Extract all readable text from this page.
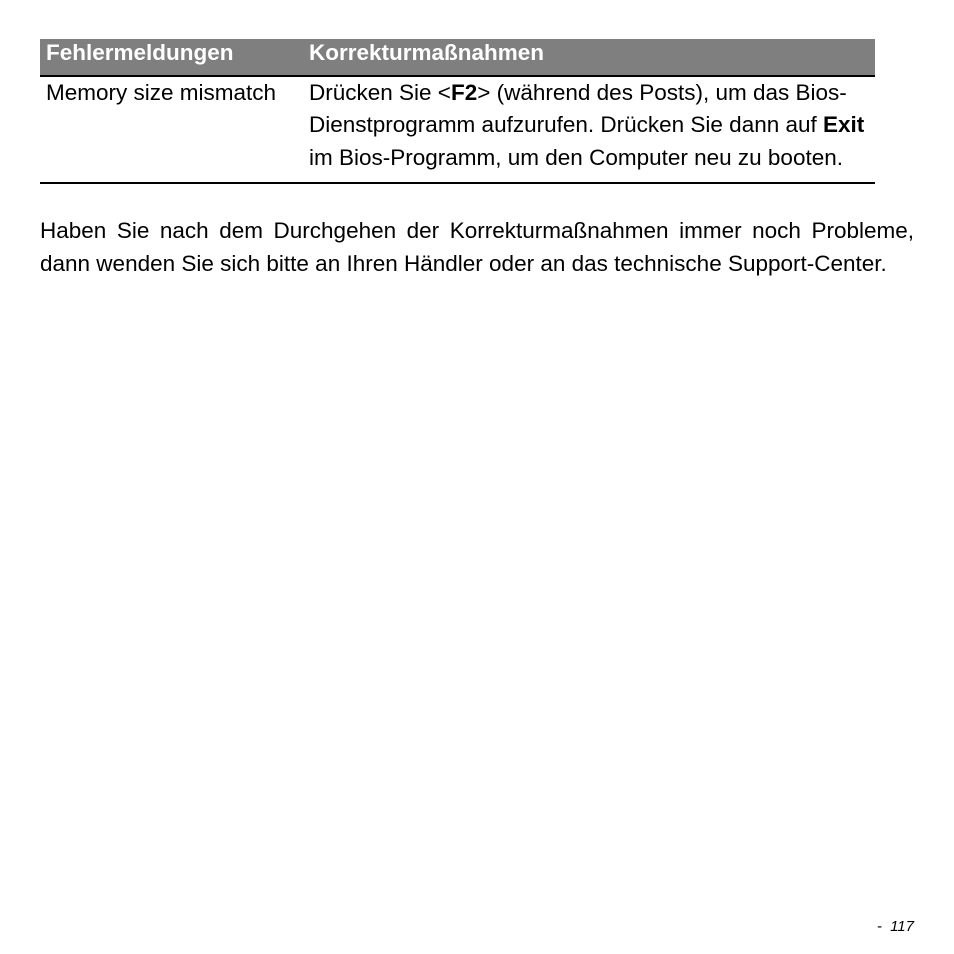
Fehlermeldungen	Korrekturmaßnahmen
Memory size mismatch	Drücken Sie <F2> (während des Posts), um das Bios-Dienstprogramm aufzurufen. Drücken Sie dann auf Exit im Bios-Programm, um den Computer neu zu booten.

Haben Sie nach dem Durchgehen der Korrekturmaßnahmen immer noch Probleme, dann wenden Sie sich bitte an Ihren Händler oder an das technische Support-Center.

- 117
